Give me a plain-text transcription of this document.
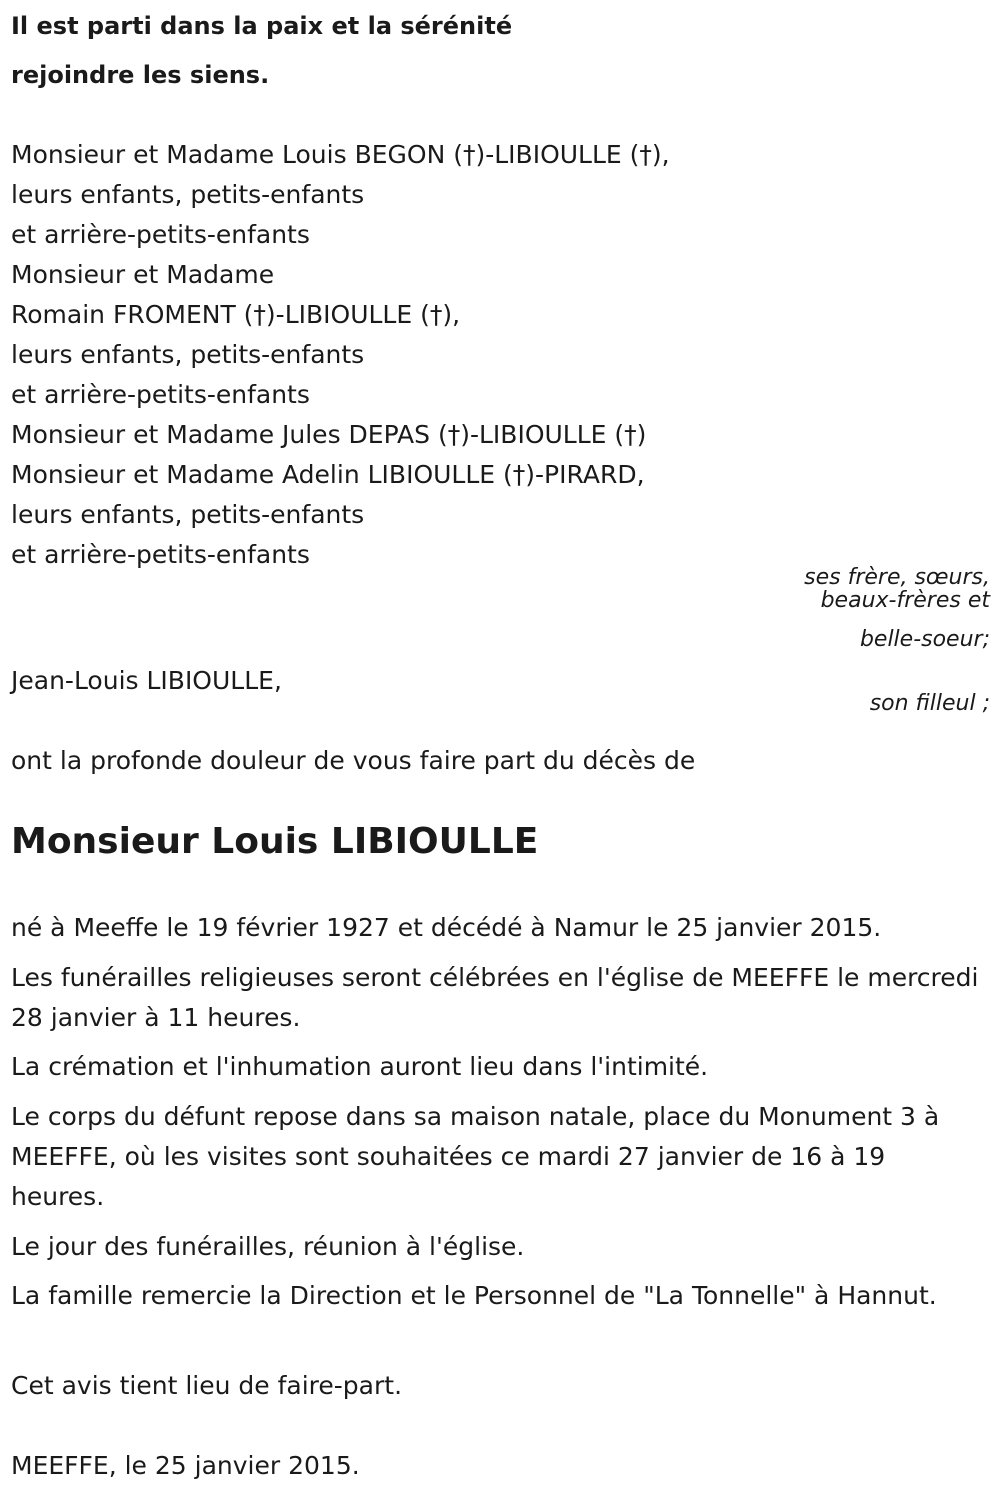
Il est parti dans la paix et la sérénité
rejoindre les siens.
Monsieur et Madame Louis BEGON (†)-LIBIOULLE (†),
leurs enfants, petits-enfants
et arrière-petits-enfants
Monsieur et Madame
Romain FROMENT (†)-LIBIOULLE (†),
leurs enfants, petits-enfants
et arrière-petits-enfants
Monsieur et Madame Jules DEPAS (†)-LIBIOULLE (†)
Monsieur et Madame Adelin LIBIOULLE (†)-PIRARD,
leurs enfants, petits-enfants
et arrière-petits-enfants
ses frère, sœurs,
beaux-frères et
belle-soeur;
Jean-Louis LIBIOULLE,
son filleul ;
ont la profonde douleur de vous faire part du décès de
Monsieur Louis LIBIOULLE
né à Meeffe le 19 février 1927 et décédé à Namur le 25 janvier 2015.
Les funérailles religieuses seront célébrées en l'église de MEEFFE le mercredi 28 janvier à 11 heures.
La crémation et l'inhumation auront lieu dans l'intimité.
Le corps du défunt repose dans sa maison natale, place du Monument 3 à MEEFFE, où les visites sont souhaitées ce mardi 27 janvier de 16 à 19 heures.
Le jour des funérailles, réunion à l'église.
La famille remercie la Direction et le Personnel de "La Tonnelle" à Hannut.
Cet avis tient lieu de faire-part.
MEEFFE, le 25 janvier 2015.
